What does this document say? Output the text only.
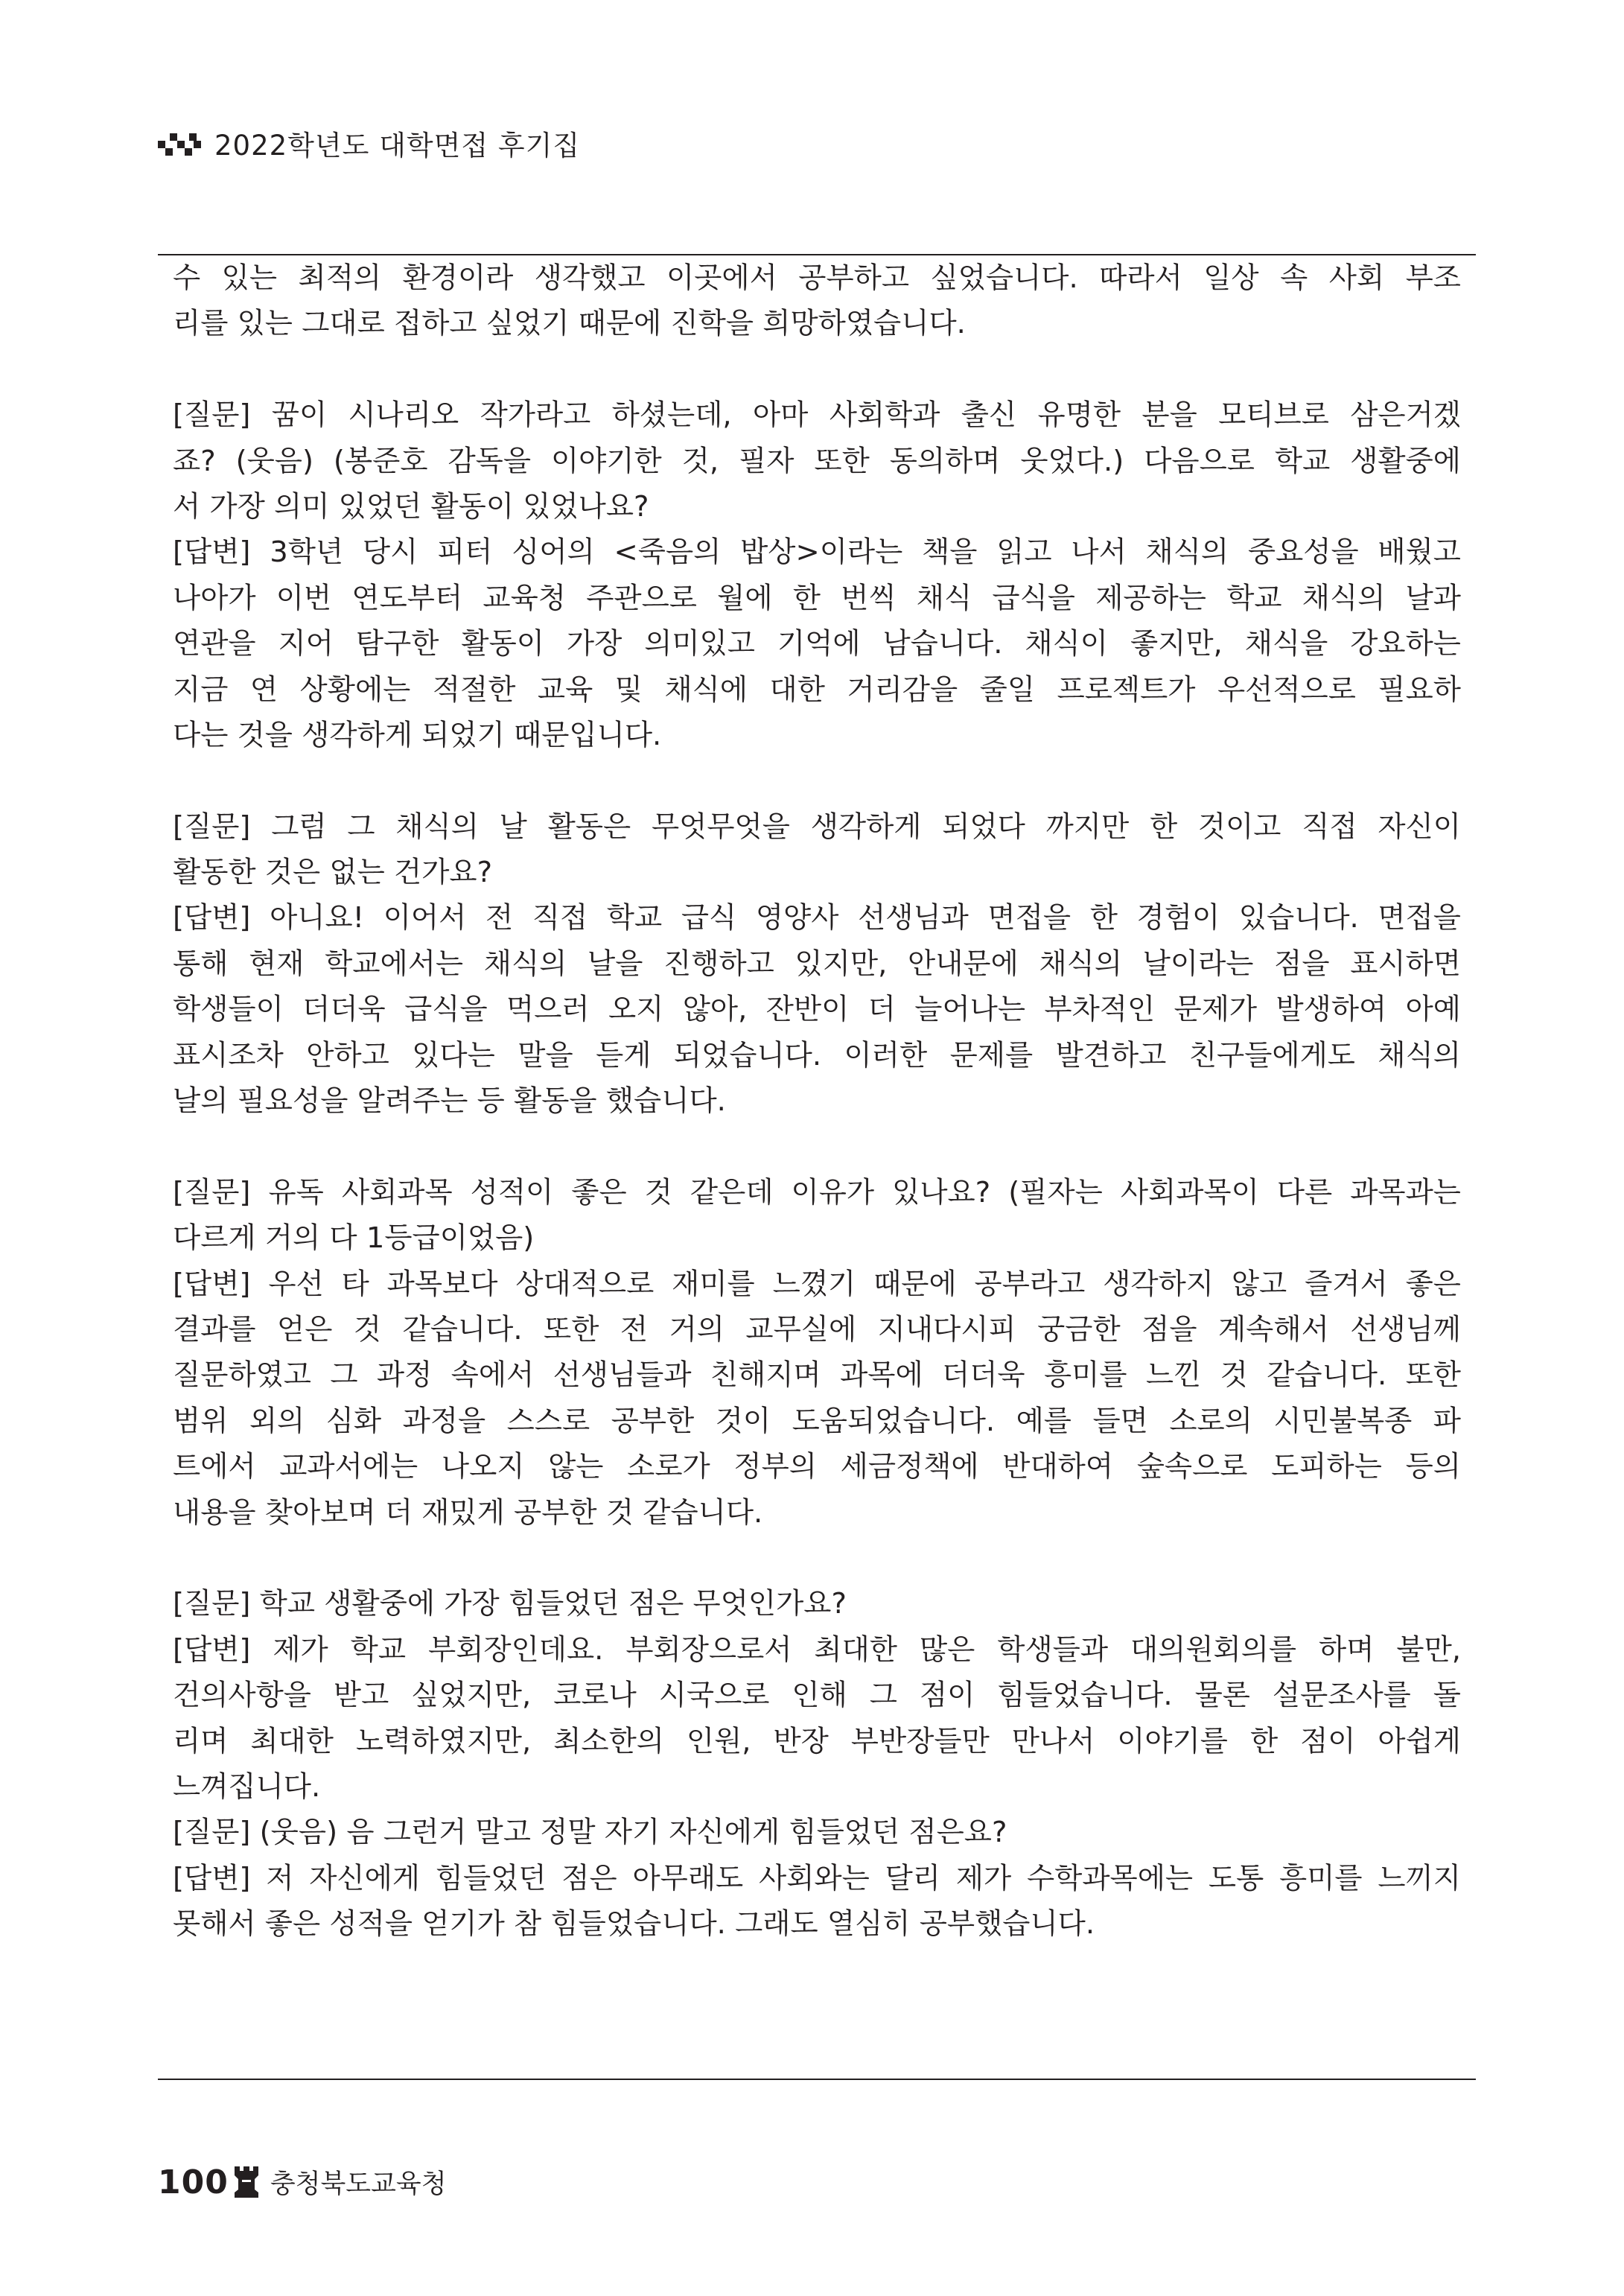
2022학년도 대학면접 후기집
수 있는 최적의 환경이라 생각했고 이곳에서 공부하고 싶었습니다. 따라서 일상 속 사회 부조
리를 있는 그대로 접하고 싶었기 때문에 진학을 희망하였습니다.
[질문] 꿈이 시나리오 작가라고 하셨는데, 아마 사회학과 출신 유명한 분을 모티브로 삼은거겠
죠? (웃음) (봉준호 감독을 이야기한 것, 필자 또한 동의하며 웃었다.) 다음으로 학교 생활중에
서 가장 의미 있었던 활동이 있었나요?
[답변] 3학년 당시 피터 싱어의 <죽음의 밥상>이라는 책을 읽고 나서 채식의 중요성을 배웠고
나아가 이번 연도부터 교육청 주관으로 월에 한 번씩 채식 급식을 제공하는 학교 채식의 날과
연관을 지어 탐구한 활동이 가장 의미있고 기억에 남습니다. 채식이 좋지만, 채식을 강요하는
지금 연 상황에는 적절한 교육 및 채식에 대한 거리감을 줄일 프로젝트가 우선적으로 필요하
다는 것을 생각하게 되었기 때문입니다.
[질문] 그럼 그 채식의 날 활동은 무엇무엇을 생각하게 되었다 까지만 한 것이고 직접 자신이
활동한 것은 없는 건가요?
[답변] 아니요! 이어서 전 직접 학교 급식 영양사 선생님과 면접을 한 경험이 있습니다. 면접을
통해 현재 학교에서는 채식의 날을 진행하고 있지만, 안내문에 채식의 날이라는 점을 표시하면
학생들이 더더욱 급식을 먹으러 오지 않아, 잔반이 더 늘어나는 부차적인 문제가 발생하여 아예
표시조차 안하고 있다는 말을 듣게 되었습니다. 이러한 문제를 발견하고 친구들에게도 채식의
날의 필요성을 알려주는 등 활동을 했습니다.
[질문] 유독 사회과목 성적이 좋은 것 같은데 이유가 있나요? (필자는 사회과목이 다른 과목과는
다르게 거의 다 1등급이었음)
[답변] 우선 타 과목보다 상대적으로 재미를 느꼈기 때문에 공부라고 생각하지 않고 즐겨서 좋은
결과를 얻은 것 같습니다. 또한 전 거의 교무실에 지내다시피 궁금한 점을 계속해서 선생님께
질문하였고 그 과정 속에서 선생님들과 친해지며 과목에 더더욱 흥미를 느낀 것 같습니다. 또한
범위 외의 심화 과정을 스스로 공부한 것이 도움되었습니다. 예를 들면 소로의 시민불복종 파
트에서 교과서에는 나오지 않는 소로가 정부의 세금정책에 반대하여 숲속으로 도피하는 등의
내용을 찾아보며 더 재밌게 공부한 것 같습니다.
[질문] 학교 생활중에 가장 힘들었던 점은 무엇인가요?
[답변] 제가 학교 부회장인데요. 부회장으로서 최대한 많은 학생들과 대의원회의를 하며 불만,
건의사항을 받고 싶었지만, 코로나 시국으로 인해 그 점이 힘들었습니다. 물론 설문조사를 돌
리며 최대한 노력하였지만, 최소한의 인원, 반장 부반장들만 만나서 이야기를 한 점이 아쉽게
느껴집니다.
[질문] (웃음) 음 그런거 말고 정말 자기 자신에게 힘들었던 점은요?
[답변] 저 자신에게 힘들었던 점은 아무래도 사회와는 달리 제가 수학과목에는 도통 흥미를 느끼지
못해서 좋은 성적을 얻기가 참 힘들었습니다. 그래도 열심히 공부했습니다.
100 충청북도교육청
